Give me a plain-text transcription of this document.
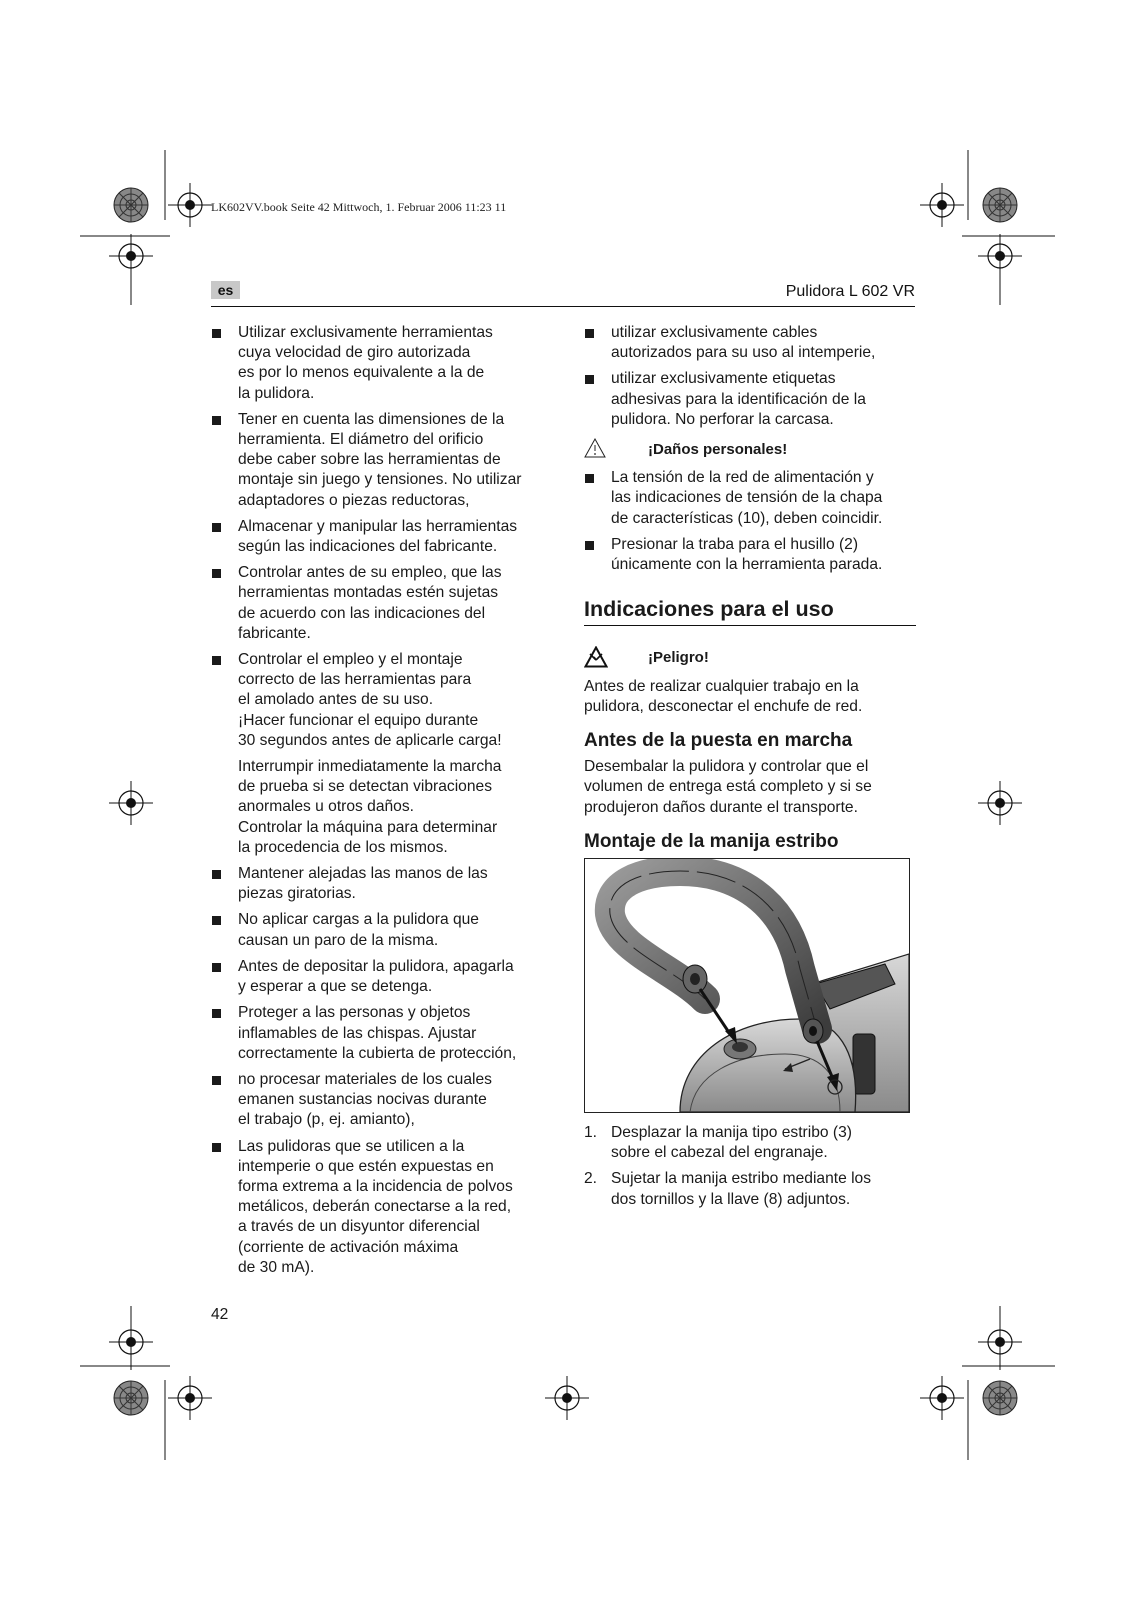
LK602VV.book Seite 42 Mittwoch, 1. Februar 2006 11:23 11
es	Pulidora L 602 VR
Utilizar exclusivamente herramientas
cuya velocidad de giro autorizada
es por lo menos equivalente a la de
la pulidora.
Tener en cuenta las dimensiones de la
herramienta. El diámetro del orificio
debe caber sobre las herramientas de
montaje sin juego y tensiones. No utilizar
adaptadores o piezas reductoras,
Almacenar y manipular las herramientas
según las indicaciones del fabricante.
Controlar antes de su empleo, que las
herramientas montadas estén sujetas
de acuerdo con las indicaciones del
fabricante.
Controlar el empleo y el montaje
correcto de las herramientas para
el amolado antes de su uso.
¡Hacer funcionar el equipo durante
30 segundos antes de aplicarle carga!
Interrumpir inmediatamente la marcha
de prueba si se detectan vibraciones
anormales u otros daños.
Controlar la máquina para determinar
la procedencia de los mismos.
Mantener alejadas las manos de las
piezas giratorias.
No aplicar cargas a la pulidora que
causan un paro de la misma.
Antes de depositar la pulidora, apagarla
y esperar a que se detenga.
Proteger a las personas y objetos
inflamables de las chispas. Ajustar
correctamente la cubierta de protección,
no procesar materiales de los cuales
emanen sustancias nocivas durante
el trabajo (p, ej. amianto),
Las pulidoras que se utilicen a la
intemperie o que estén expuestas en
forma extrema a la incidencia de polvos
metálicos, deberán conectarse a la red,
a través de un disyuntor diferencial
(corriente de activación máxima
de 30 mA).
utilizar exclusivamente cables
autorizados para su uso al intemperie,
utilizar exclusivamente etiquetas
adhesivas para la identificación de la
pulidora. No perforar la carcasa.
¡Daños personales!
La tensión de la red de alimentación y
las indicaciones de tensión de la chapa
de características (10), deben coincidir.
Presionar la traba para el husillo (2)
únicamente con la herramienta parada.
Indicaciones para el uso
¡Peligro!
Antes de realizar cualquier trabajo en la
pulidora, desconectar el enchufe de red.
Antes de la puesta en marcha
Desembalar la pulidora y controlar que el
volumen de entrega está completo y si se
produjeron daños durante el transporte.
Montaje de la manija estribo
1. Desplazar la manija tipo estribo (3)
sobre el cabezal del engranaje.
2. Sujetar la manija estribo mediante los
dos tornillos y la llave (8) adjuntos.
42
